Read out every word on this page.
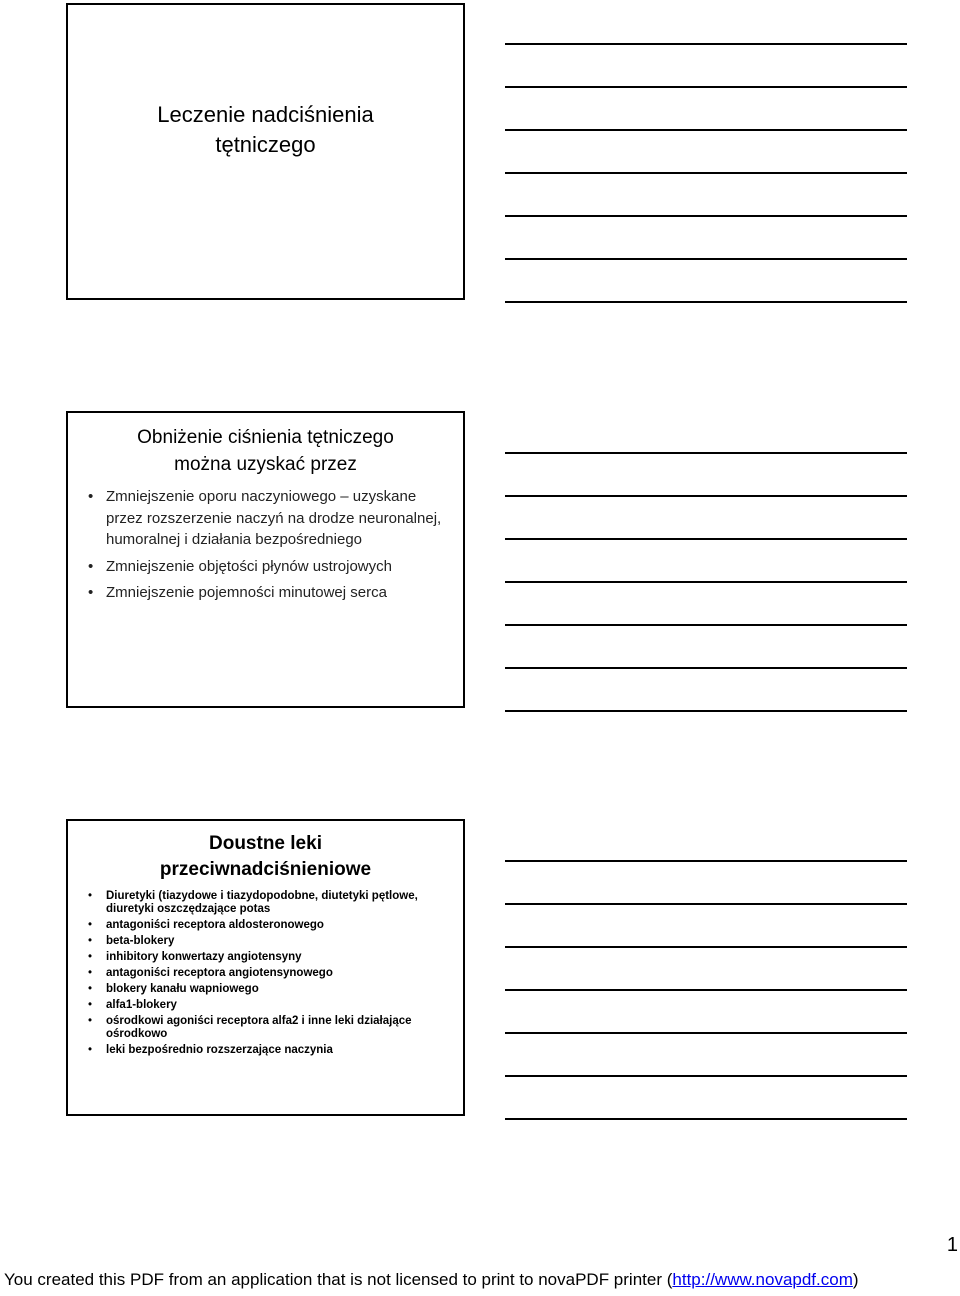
Leczenie nadciśnienia
tętniczego
Obniżenie ciśnienia tętniczego
można uzyskać przez
• Zmniejszenie oporu naczyniowego – uzyskane przez rozszerzenie naczyń na drodze neuronalnej, humoralnej i działania bezpośredniego
• Zmniejszenie objętości płynów ustrojowych
• Zmniejszenie pojemności minutowej serca
Doustne leki
przeciwnadciśnieniowe
• Diuretyki (tiazydowe i tiazydopodobne, diutetyki pętlowe, diuretyki oszczędzające potas
• antagoniści receptora aldosteronowego
• beta-blokery
• inhibitory konwertazy angiotensyny
• antagoniści receptora angiotensynowego
• blokery kanału wapniowego
• alfa1-blokery
• ośrodkowi agoniści receptora alfa2 i inne leki działające ośrodkowo
• leki bezpośrednio rozszerzające naczynia
1
You created this PDF from an application that is not licensed to print to novaPDF printer (http://www.novapdf.com)
